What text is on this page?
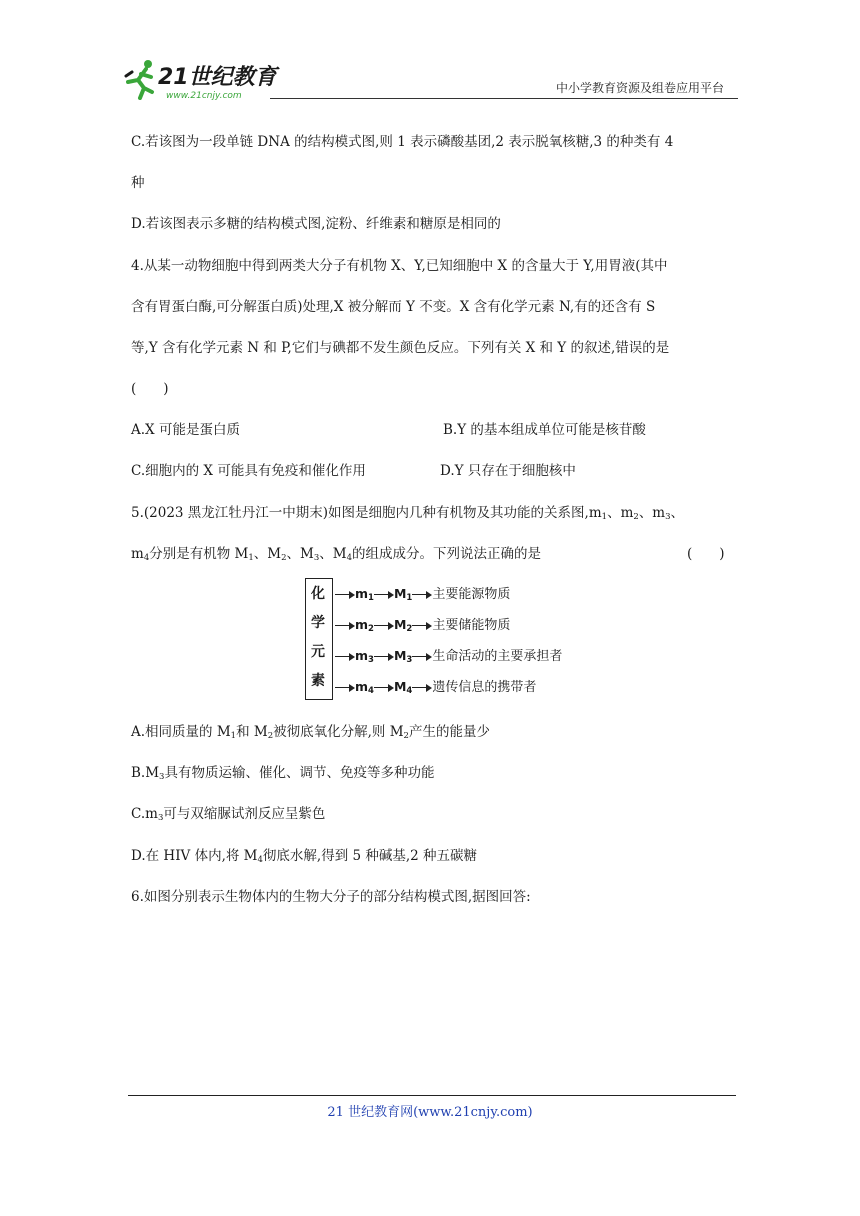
21世纪教育
www.21cnjy.com
中小学教育资源及组卷应用平台
C.若该图为一段单链 DNA 的结构模式图,则 1 表示磷酸基团,2 表示脱氧核糖,3 的种类有 4
种
D.若该图表示多糖的结构模式图,淀粉、纤维素和糖原是相同的
4.从某一动物细胞中得到两类大分子有机物 X、Y,已知细胞中 X 的含量大于 Y,用胃液(其中
含有胃蛋白酶,可分解蛋白质)处理,X 被分解而 Y 不变。X 含有化学元素 N,有的还含有 S
等,Y 含有化学元素 N 和 P,它们与碘都不发生颜色反应。下列有关 X 和 Y 的叙述,错误的是
(　　)
A.X 可能是蛋白质	B.Y 的基本组成单位可能是核苷酸
C.细胞内的 X 可能具有免疫和催化作用	D.Y 只存在于细胞核中
5.(2023 黑龙江牡丹江一中期末)如图是细胞内几种有机物及其功能的关系图$,m_1$、$m_2$、$m_3$、
$m_4$分别是有机物 $M_1$、$M_2$、$M_3$、$M_4$的组成成分。下列说法正确的是	(　　)
化
学
元
素
$m_1$ $M_1$ 主要能源物质
$m_2$ $M_2$ 主要储能物质
$m_3$ $M_3$ 生命活动的主要承担者
$m_4$ $M_4$ 遗传信息的携带者
A.相同质量的 $M_1$和 $M_2$被彻底氧化分解,则 $M_2$产生的能量少
$B.M_3$具有物质运输、催化、调节、免疫等多种功能
$C.m_3$可与双缩脲试剂反应呈紫色
D.在 HIV 体内,将 $M_4$彻底水解,得到 5 种碱基,2 种五碳糖
6.如图分别表示生物体内的生物大分子的部分结构模式图,据图回答:
21 世纪教育网(www.21cnjy.com)
